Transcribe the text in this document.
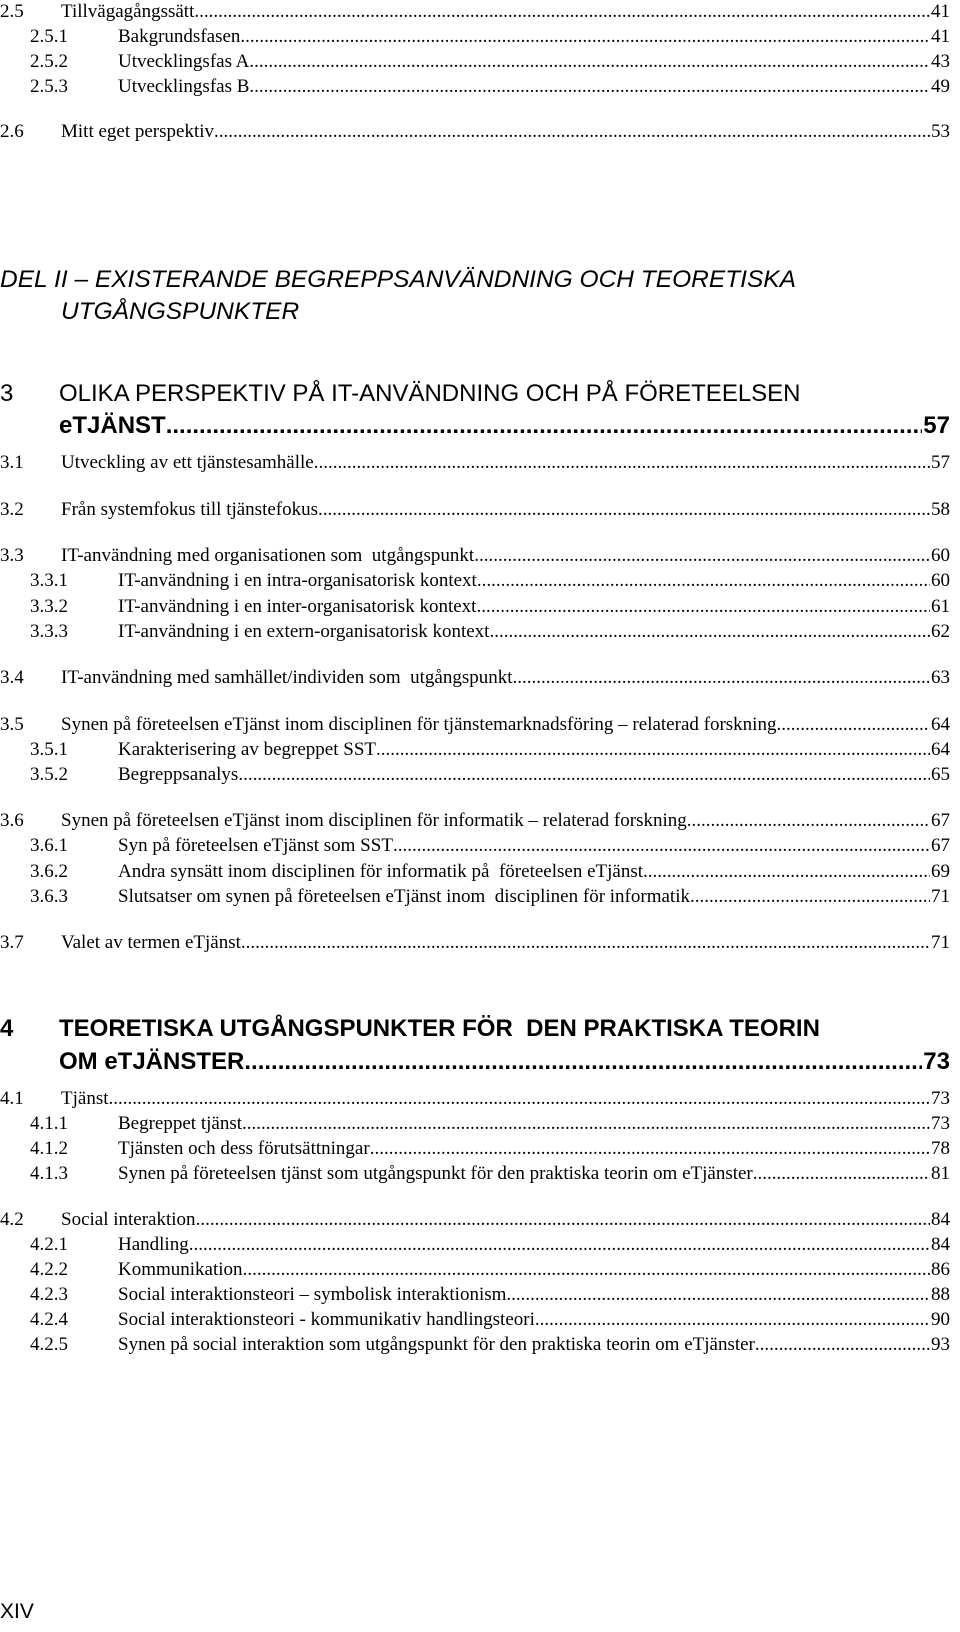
2.5 Tillvägagångssätt .....	41
2.5.1	Bakgrundsfasen .....	41
2.5.2	Utvecklingsfas A .....	43
2.5.3	Utvecklingsfas B .....	49
2.6 Mitt eget perspektiv .....	53
DEL II – EXISTERANDE BEGREPPSANVÄNDNING OCH TEORETISKA
UTGÅNGSPUNKTER
3 OLIKA PERSPEKTIV PÅ IT-ANVÄNDNING OCH PÅ FÖRETEELSEN
eTJÄNST .....	57
3.1 Utveckling av ett tjänstesamhälle .....	57
3.2 Från systemfokus till tjänstefokus .....	58
3.3 IT-användning med organisationen som  utgångspunkt .....	60
3.3.1	IT-användning i en intra-organisatorisk kontext .....	60
3.3.2	IT-användning i en inter-organisatorisk kontext .....	61
3.3.3	IT-användning i en extern-organisatorisk kontext .....	62
3.4 IT-användning med samhället/individen som  utgångspunkt .....	63
3.5 Synen på företeelsen eTjänst inom disciplinen för tjänstemarknadsföring – relaterad forskning .....	64
3.5.1	Karakterisering av begreppet SST .....	64
3.5.2	Begreppsanalys .....	65
3.6 Synen på företeelsen eTjänst inom disciplinen för informatik – relaterad forskning .....	67
3.6.1	Syn på företeelsen eTjänst som SST .....	67
3.6.2	Andra synsätt inom disciplinen för informatik på  företeelsen eTjänst .....	69
3.6.3	Slutsatser om synen på företeelsen eTjänst inom  disciplinen för informatik .....	71
3.7 Valet av termen eTjänst .....	71
4 TEORETISKA UTGÅNGSPUNKTER FÖR  DEN PRAKTISKA TEORIN
OM eTJÄNSTER .....	73
4.1 Tjänst .....	73
4.1.1	Begreppet tjänst .....	73
4.1.2	Tjänsten och dess förutsättningar .....	78
4.1.3	Synen på företeelsen tjänst som utgångspunkt för den praktiska teorin om eTjänster .....	81
4.2 Social interaktion .....	84
4.2.1	Handling .....	84
4.2.2	Kommunikation .....	86
4.2.3	Social interaktionsteori – symbolisk interaktionism .....	88
4.2.4	Social interaktionsteori - kommunikativ handlingsteori .....	90
4.2.5	Synen på social interaktion som utgångspunkt för den praktiska teorin om eTjänster .....	93
XIV
